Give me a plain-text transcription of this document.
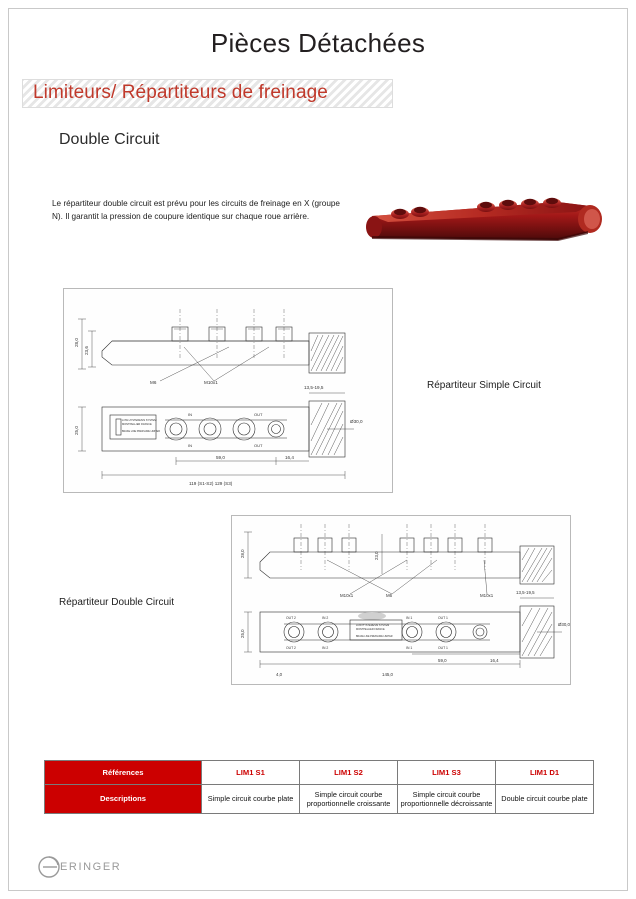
Pièces Détachées
Limiteurs/ Répartiteurs de freinage
Double Circuit
Le répartiteur double circuit est prévu pour les circuits de freinage en X (groupe N). Il garantit la pression de coupure identique sur chaque roue arrière.
28,0
23,6
M6	M10x1
13,5-19,5
25,0
59,0	16,4
119 (S1-S2) 129 (S3)
Ø30,0
IN	OUT
IN	OUT
LOW HYSTERESIS SYSTEM
MONTPELLIER FRANCE
BRAKE LINE PRESSURE LIMITER
Répartiteur Simple Circuit
28,0	23,0
M10x1	M6	M10x1
13,5-19,5
25,0
4,0	145,0
59,0	16,4
Ø30,0
OUT 2	IN 2	IN 1	OUT 1
OUT 2	IN 2	IN 1	OUT 1
LOW HYSTERESIS SYSTEM
MONTPELLIER FRANCE
BRAKE LINE PRESSURE LIMITER
Répartiteur Double Circuit
Références	LIM1 S1	LIM1 S2	LIM1 S3	LIM1 D1
Descriptions	Simple circuit courbe plate	Simple circuit courbe proportionnelle croissante	Simple circuit courbe proportionnelle décroissante	Double circuit courbe plate
ERINGER
